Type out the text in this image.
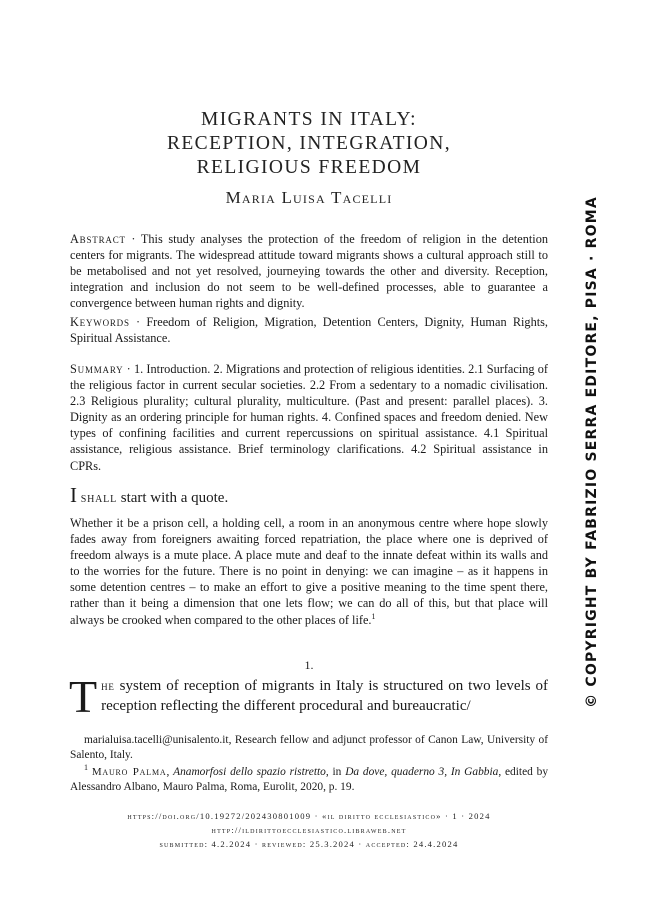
MIGRANTS IN ITALY:
RECEPTION, INTEGRATION,
RELIGIOUS FREEDOM
Maria Luisa Tacelli
Abstract · This study analyses the protection of the freedom of religion in the detention centers for migrants. The widespread attitude toward migrants shows a cultural approach still to be metabolised and not yet resolved, journeying towards the other and diversity. Reception, integration and inclusion do not seem to be well-defined processes, able to guarantee a convergence between human rights and dignity.
Keywords · Freedom of Religion, Migration, Detention Centers, Dignity, Human Rights, Spiritual Assistance.
Summary · 1. Introduction. 2. Migrations and protection of religious identities. 2.1 Surfacing of the religious factor in current secular societies. 2.2 From a sedentary to a nomadic civilisation. 2.3 Religious plurality; cultural plurality, multiculture. (Past and present: parallel places). 3. Dignity as an ordering principle for human rights. 4. Confined spaces and freedom denied. New types of confining facilities and current repercussions on spiritual assistance. 4.1 Spiritual assistance, religious assistance. Brief terminology clarifications. 4.2 Spiritual assistance in CPRs.
I shall start with a quote.
Whether it be a prison cell, a holding cell, a room in an anonymous centre where hope slowly fades away from foreigners awaiting forced repatriation, the place where one is deprived of freedom always is a mute place. A place mute and deaf to the innate defeat within its walls and to the worries for the future. There is no point in denying: we can imagine – as it happens in some detention centres – to make an effort to give a positive meaning to the time spent there, rather than it being a dimension that one lets flow; we can do all of this, but that place will always be crooked when compared to the other places of life.$^1$
1.
The system of reception of migrants in Italy is structured on two levels of reception reflecting the different procedural and bureaucratic/
marialuisa.tacelli@unisalento.it, Research fellow and adjunct professor of Canon Law, University of Salento, Italy.
$^1$ Mauro Palma, Anamorfosi dello spazio ristretto, in Da dove, quaderno 3, In Gabbia, edited by Alessandro Albano, Mauro Palma, Roma, Eurolit, 2020, p. 19.
https://doi.org/10.19272/202430801009 · «il diritto ecclesiastico» · 1 · 2024
http://ildirittoecclesiastico.libraweb.net
submitted: 4.2.2024 · reviewed: 25.3.2024 · accepted: 24.4.2024
© COPYRIGHT BY FABRIZIO SERRA EDITORE, PISA · ROMA
